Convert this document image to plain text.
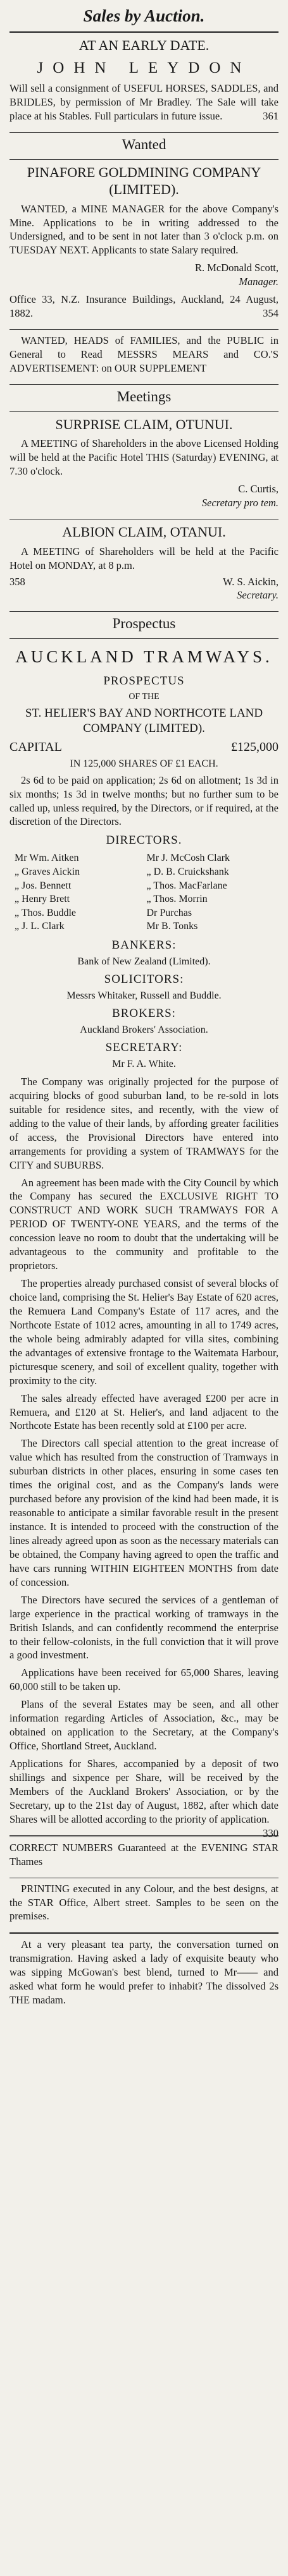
Sales by Auction.
AT AN EARLY DATE.
JOHN LEYDON

Will sell a consignment of USEFUL HORSES, SADDLES, and BRIDLES, by permission of Mr Bradley. The Sale will take place at his Stables. Full particulars in future issue.	361

Wanted
PINAFORE GOLDMINING COMPANY (LIMITED).

WANTED, a MINE MANAGER for the above Company's Mine. Applications to be in writing addressed to the Undersigned, and to be sent in not later than 3 o'clock p.m. on TUESDAY NEXT. Applicants to state Salary required.

R. McDonald Scott,

Manager.

Office 33, N.Z. Insurance Buildings, Auckland, 24 August, 1882.	354

WANTED, HEADS of FAMILIES, and the PUBLIC in General to Read MESSRS MEARS and CO.'S ADVERTISEMENT: on OUR SUPPLEMENT

Meetings
SURPRISE CLAIM, OTUNUI.

A MEETING of Shareholders in the above Licensed Holding will be held at the Pacific Hotel THIS (Saturday) EVENING, at 7.30 o'clock.

C. Curtis,

Secretary pro tem.

ALBION CLAIM, OTANUI.

A MEETING of Shareholders will be held at the Pacific Hotel on MONDAY, at 8 p.m.

358	W. S. Aickin,

Secretary.

Prospectus
AUCKLAND TRAMWAYS.
PROSPECTUS
OF THE
ST. HELIER'S BAY AND NORTHCOTE LAND COMPANY (LIMITED).
CAPITAL	£125,000
IN 125,000 SHARES OF £1 EACH.

2s 6d to be paid on application; 2s 6d on allotment; 1s 3d in six months; 1s 3d in twelve months; but no further sum to be called up, unless required, by the Directors, or if required, at the discretion of the Directors.

DIRECTORS.
Mr Wm. Aitken	Mr J. McCosh Clark
„ Graves Aickin	„ D. B. Cruickshank
„ Jos. Bennett	„ Thos. MacFarlane
„ Henry Brett	„ Thos. Morrin
„ Thos. Buddle	Dr Purchas
„ J. L. Clark	Mr B. Tonks
BANKERS:
Bank of New Zealand (Limited).
SOLICITORS:
Messrs Whitaker, Russell and Buddle.
BROKERS:
Auckland Brokers' Association.
SECRETARY:
Mr F. A. White.

The Company was originally projected for the purpose of acquiring blocks of good suburban land, to be re-sold in lots suitable for residence sites, and recently, with the view of adding to the value of their lands, by affording greater facilities of access, the Provisional Directors have entered into arrangements for providing a system of TRAMWAYS for the CITY and SUBURBS.

An agreement has been made with the City Council by which the Company has secured the EXCLUSIVE RIGHT TO CONSTRUCT AND WORK SUCH TRAMWAYS FOR A PERIOD OF TWENTY-ONE YEARS, and the terms of the concession leave no room to doubt that the undertaking will be advantageous to the community and profitable to the proprietors.

The properties already purchased consist of several blocks of choice land, comprising the St. Helier's Bay Estate of 620 acres, the Remuera Land Company's Estate of 117 acres, and the Northcote Estate of 1012 acres, amounting in all to 1749 acres, the whole being admirably adapted for villa sites, combining the advantages of extensive frontage to the Waitemata Harbour, picturesque scenery, and soil of excellent quality, together with proximity to the city.

The sales already effected have averaged £200 per acre in Remuera, and £120 at St. Helier's, and land adjacent to the Northcote Estate has been recently sold at £100 per acre.

The Directors call special attention to the great increase of value which has resulted from the construction of Tramways in suburban districts in other places, ensuring in some cases ten times the original cost, and as the Company's lands were purchased before any provision of the kind had been made, it is reasonable to anticipate a similar favorable result in the present instance. It is intended to proceed with the construction of the lines already agreed upon as soon as the necessary materials can be obtained, the Company having agreed to open the traffic and have cars running WITHIN EIGHTEEN MONTHS from date of concession.

The Directors have secured the services of a gentleman of large experience in the practical working of tramways in the British Islands, and can confidently recommend the enterprise to their fellow-colonists, in the full conviction that it will prove a good investment.

Applications have been received for 65,000 Shares, leaving 60,000 still to be taken up.

Plans of the several Estates may be seen, and all other information regarding Articles of Association, &c., may be obtained on application to the Secretary, at the Company's Office, Shortland Street, Auckland.

Applications for Shares, accompanied by a deposit of two shillings and sixpence per Share, will be received by the Members of the Auckland Brokers' Association, or by the Secretary, up to the 21st day of August, 1882, after which date Shares will be allotted according to the priority of application.
330

CORRECT NUMBERS Guaranteed at the EVENING STAR Thames

PRINTING executed in any Colour, and the best designs, at the STAR Office, Albert street. Samples to be seen on the premises.

At a very pleasant tea party, the conversation turned on transmigration. Having asked a lady of exquisite beauty who was sipping McGowan's best blend, turned to Mr—— and asked what form he would prefer to inhabit? The dissolved 2s THE madam.
